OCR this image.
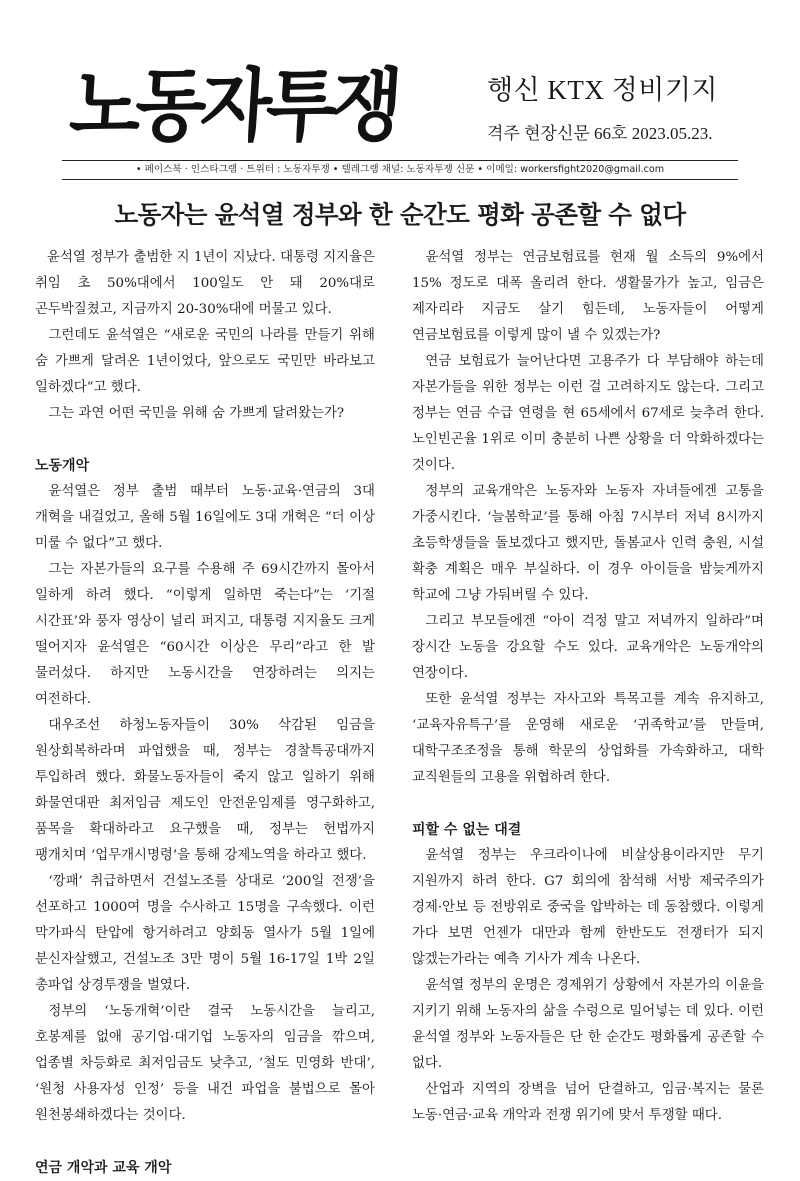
노동자투쟁	행신 KTX 정비기지
격주 현장신문 66호 2023.05.23.
• 페이스북 · 인스타그램 · 트위터 : 노동자투쟁 • 텔레그램 채널: 노동자투쟁 신문 • 이메일: workersfight2020@gmail.com
노동자는 윤석열 정부와 한 순간도 평화 공존할 수 없다

윤석열 정부가 출범한 지 1년이 지났다. 대통령 지지율은 취임 초 50%대에서 100일도 안 돼 20%대로 곤두박질쳤고, 지금까지 20-30%대에 머물고 있다.

그런데도 윤석열은 “새로운 국민의 나라를 만들기 위해 숨 가쁘게 달려온 1년이었다, 앞으로도 국민만 바라보고 일하겠다”고 했다.

그는 과연 어떤 국민을 위해 숨 가쁘게 달려왔는가?

노동개악

윤석열은 정부 출범 때부터 노동·교육·연금의 3대 개혁을 내걸었고, 올해 5월 16일에도 3대 개혁은 “더 이상 미룰 수 없다”고 했다.

그는 자본가들의 요구를 수용해 주 69시간까지 몰아서 일하게 하려 했다. “이렇게 일하면 죽는다”는 ‘기절 시간표’와 풍자 영상이 널리 퍼지고, 대통령 지지율도 크게 떨어지자 윤석열은 “60시간 이상은 무리”라고 한 발 물러섰다. 하지만 노동시간을 연장하려는 의지는 여전하다.

대우조선 하청노동자들이 30% 삭감된 임금을 원상회복하라며 파업했을 때, 정부는 경찰특공대까지 투입하려 했다. 화물노동자들이 죽지 않고 일하기 위해 화물연대판 최저임금 제도인 안전운임제를 영구화하고, 품목을 확대하라고 요구했을 때, 정부는 헌법까지 팽개치며 ‘업무개시명령’을 통해 강제노역을 하라고 했다.

‘깡패’ 취급하면서 건설노조를 상대로 ‘200일 전쟁’을 선포하고 1000여 명을 수사하고 15명을 구속했다. 이런 막가파식 탄압에 항거하려고 양회동 열사가 5월 1일에 분신자살했고, 건설노조 3만 명이 5월 16-17일 1박 2일 총파업 상경투쟁을 벌였다.

정부의 ‘노동개혁’이란 결국 노동시간을 늘리고, 호봉제를 없애 공기업·대기업 노동자의 임금을 깎으며, 업종별 차등화로 최저임금도 낮추고, ‘철도 민영화 반대’, ‘원청 사용자성 인정’ 등을 내건 파업을 불법으로 몰아 원천봉쇄하겠다는 것이다.

연금 개악과 교육 개악

윤석열 정부는 연금보험료를 현재 월 소득의 9%에서 15% 정도로 대폭 올리려 한다. 생활물가가 높고, 임금은 제자리라 지금도 살기 힘든데, 노동자들이 어떻게 연금보험료를 이렇게 많이 낼 수 있겠는가?

연금 보험료가 늘어난다면 고용주가 다 부담해야 하는데 자본가들을 위한 정부는 이런 걸 고려하지도 않는다. 그리고 정부는 연금 수급 연령을 현 65세에서 67세로 늦추려 한다. 노인빈곤율 1위로 이미 충분히 나쁜 상황을 더 악화하겠다는 것이다.

정부의 교육개악은 노동자와 노동자 자녀들에겐 고통을 가중시킨다. ‘늘봄학교’를 통해 아침 7시부터 저녁 8시까지 초등학생들을 돌보겠다고 했지만, 돌봄교사 인력 충원, 시설 확충 계획은 매우 부실하다. 이 경우 아이들을 밤늦게까지 학교에 그냥 가둬버릴 수 있다.

그리고 부모들에겐 “아이 걱정 말고 저녁까지 일하라”며 장시간 노동을 강요할 수도 있다. 교육개악은 노동개악의 연장이다.

또한 윤석열 정부는 자사고와 특목고를 계속 유지하고, ‘교육자유특구’를 운영해 새로운 ‘귀족학교’를 만들며, 대학구조조정을 통해 학문의 상업화를 가속화하고, 대학 교직원들의 고용을 위협하려 한다.

피할 수 없는 대결

윤석열 정부는 우크라이나에 비살상용이라지만 무기 지원까지 하려 한다. G7 회의에 참석해 서방 제국주의가 경제·안보 등 전방위로 중국을 압박하는 데 동참했다. 이렇게 가다 보면 언젠가 대만과 함께 한반도도 전쟁터가 되지 않겠는가라는 예측 기사가 계속 나온다.

윤석열 정부의 운명은 경제위기 상황에서 자본가의 이윤을 지키기 위해 노동자의 삶을 수렁으로 밀어넣는 데 있다. 이런 윤석열 정부와 노동자들은 단 한 순간도 평화롭게 공존할 수 없다.

산업과 지역의 장벽을 넘어 단결하고, 임금·복지는 물론 노동·연금·교육 개악과 전쟁 위기에 맞서 투쟁할 때다.
